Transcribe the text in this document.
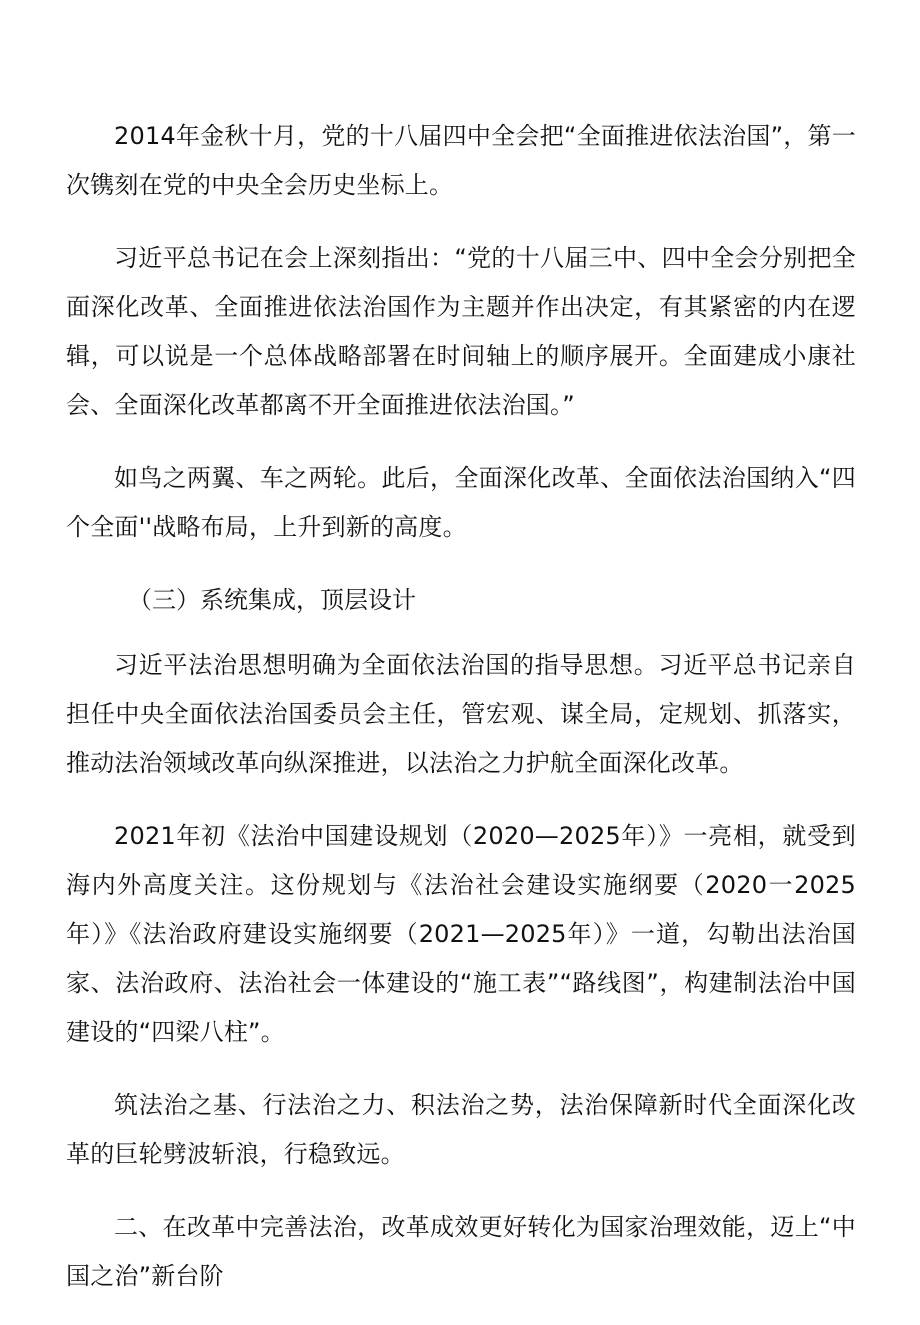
2014年金秋十月，党的十八届四中全会把“全面推进依法治国”，第一次镌刻在党的中央全会历史坐标上。

习近平总书记在会上深刻指出：“党的十八届三中、四中全会分别把全面深化改革、全面推进依法治国作为主题并作出决定，有其紧密的内在逻辑，可以说是一个总体战略部署在时间轴上的顺序展开。全面建成小康社会、全面深化改革都离不开全面推进依法治国。”

如鸟之两翼、车之两轮。此后，全面深化改革、全面依法治国纳入“四个全面''战略布局，上升到新的高度。

（三）系统集成，顶层设计

习近平法治思想明确为全面依法治国的指导思想。习近平总书记亲自担任中央全面依法治国委员会主任，管宏观、谋全局，定规划、抓落实，推动法治领域改革向纵深推进，以法治之力护航全面深化改革。

2021年初《法治中国建设规划（2020—2025年）》一亮相，就受到海内外高度关注。这份规划与《法治社会建设实施纲要（2020一2025年）》《法治政府建设实施纲要（2021—2025年）》一道，勾勒出法治国家、法治政府、法治社会一体建设的“施工表”“路线图”，构建制法治中国建设的“四梁八柱”。

筑法治之基、行法治之力、积法治之势，法治保障新时代全面深化改革的巨轮劈波斩浪，行稳致远。

二、在改革中完善法治，改革成效更好转化为国家治理效能，迈上“中国之治”新台阶
